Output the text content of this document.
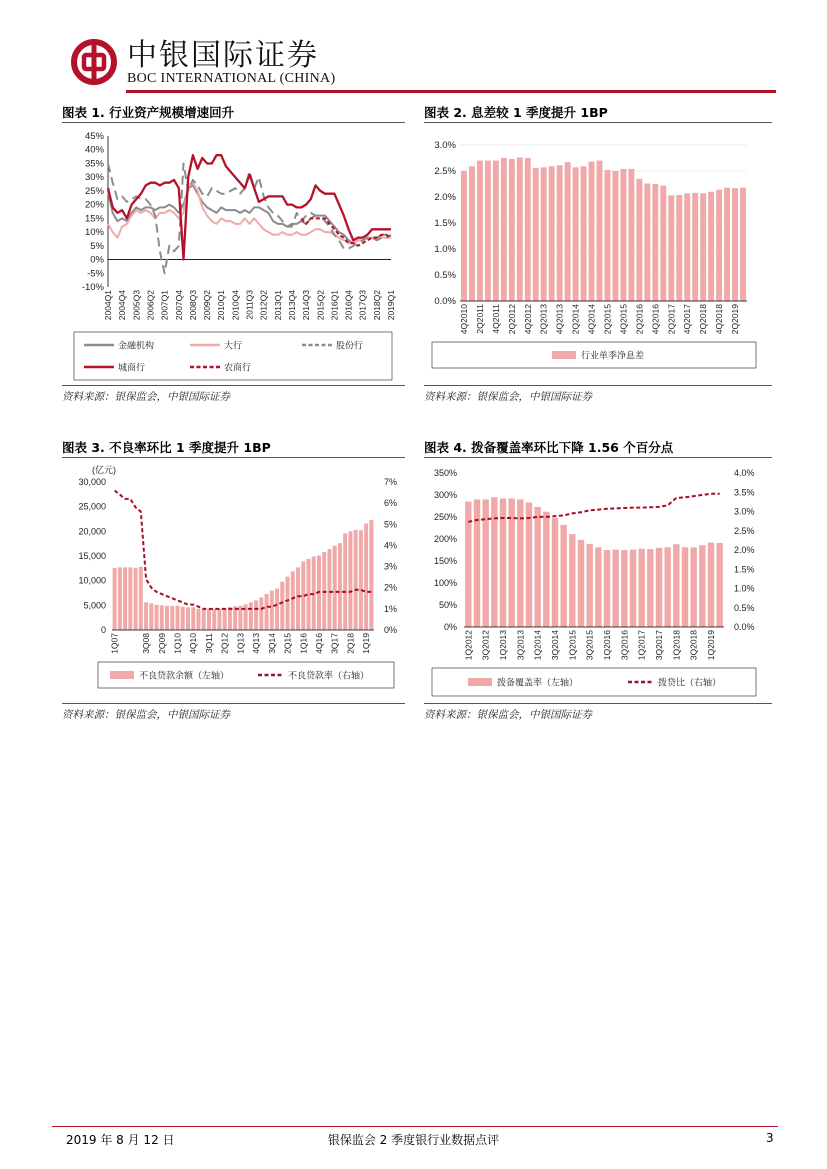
中银国际证券
BOC INTERNATIONAL (CHINA)
图表 1. 行业资产规模增速回升
45%
40%
35%
30%
25%
20%
15%
10%
5%
0%
-5%
-10%
2004Q1 2004Q4 2005Q3 2006Q2 2007Q1 2007Q4 2008Q3 2009Q2 2010Q1 2010Q4 2011Q3 2012Q2 2013Q1 2013Q4 2014Q3 2015Q2 2016Q1 2016Q4 2017Q3 2018Q2 2019Q1
金融机构	大行	股份行
城商行	农商行
资料来源：银保监会，中银国际证券
图表 2. 息差较 1 季度提升 1BP
3.0%
2.5%
2.0%
1.5%
1.0%
0.5%
0.0%
4Q2010 2Q2011 4Q2011 2Q2012 4Q2012 2Q2013 4Q2013 2Q2014 4Q2014 2Q2015 4Q2015 2Q2016 4Q2016 2Q2017 4Q2017 2Q2018 4Q2018 2Q2019
行业单季净息差
资料来源：银保监会，中银国际证券
图表 3. 不良率环比 1 季度提升 1BP
(亿元)
30,000
25,000
20,000
15,000
10,000
5,000
0
7%
6%
5%
4%
3%
2%
1%
0%
1Q07	2Q09
3Q08	4Q10
1Q10	2Q12
3Q11	4Q13
1Q13	2Q15
3Q14	4Q16
1Q16	2Q18
3Q17	1Q19
不良贷款余额（左轴）	不良贷款率（右轴）
资料来源：银保监会，中银国际证券
图表 4. 拨备覆盖率环比下降 1.56 个百分点
350%
300%
250%
200%
150%
100%
50%
0%
4.0%
3.5%
3.0%
2.5%
2.0%
1.5%
1.0%
0.5%
0.0%
1Q2012 3Q2012 1Q2013 3Q2013 1Q2014 3Q2014 1Q2015 3Q2015 1Q2016 3Q2016 1Q2017 3Q2017 1Q2018 3Q2018 1Q2019
拨备覆盖率（左轴）	拨贷比（右轴）
资料来源：银保监会，中银国际证券
2019 年 8 月 12 日	银保监会 2 季度银行业数据点评	3
